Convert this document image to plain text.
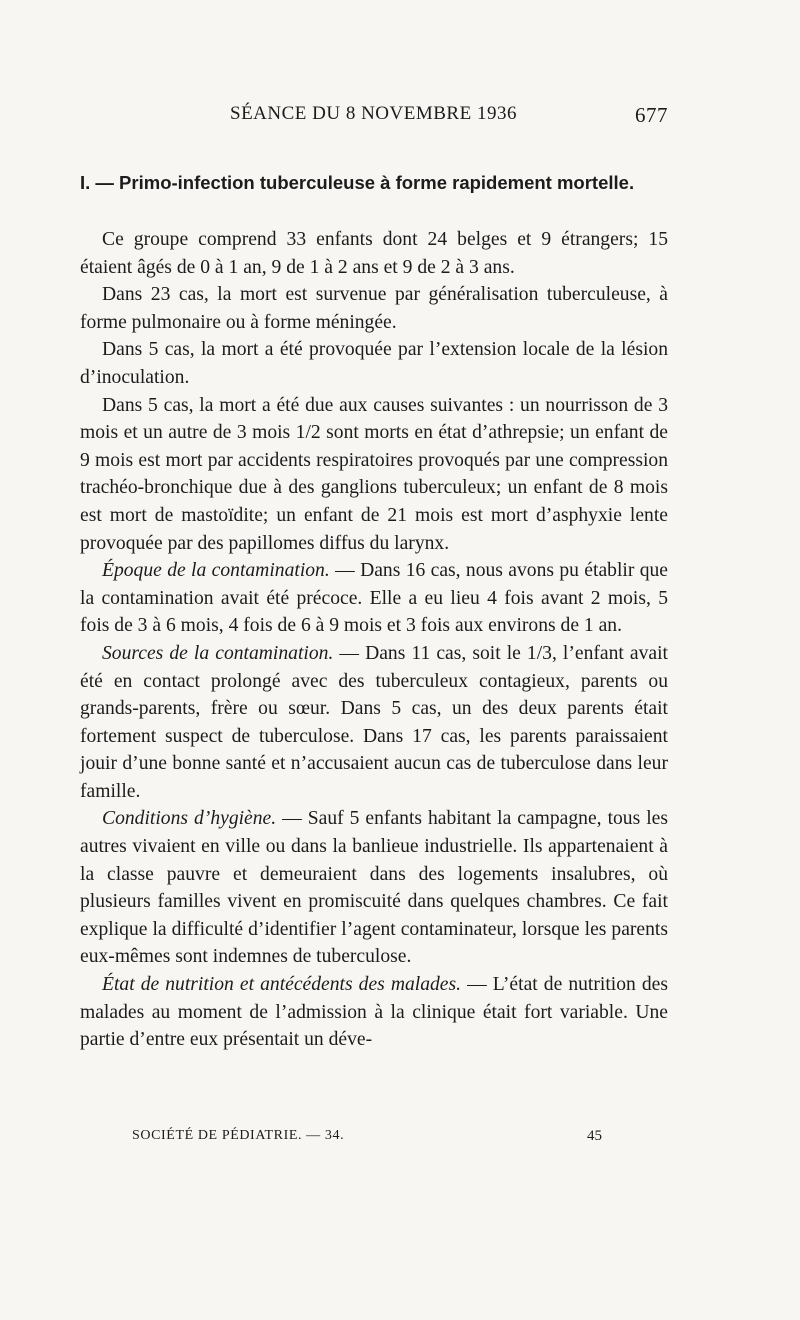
SÉANCE DU 8 NOVEMBRE 1936	677
I. — Primo-infection tuberculeuse à forme rapidement mortelle.

Ce groupe comprend 33 enfants dont 24 belges et 9 étrangers; 15 étaient âgés de 0 à 1 an, 9 de 1 à 2 ans et 9 de 2 à 3 ans.

Dans 23 cas, la mort est survenue par généralisation tuberculeuse, à forme pulmonaire ou à forme méningée.

Dans 5 cas, la mort a été provoquée par l’extension locale de la lésion d’inoculation.

Dans 5 cas, la mort a été due aux causes suivantes : un nourrisson de 3 mois et un autre de 3 mois 1/2 sont morts en état d’athrepsie; un enfant de 9 mois est mort par accidents respiratoires provoqués par une compression trachéo-bronchique due à des ganglions tuberculeux; un enfant de 8 mois est mort de mastoïdite; un enfant de 21 mois est mort d’asphyxie lente provoquée par des papillomes diffus du larynx.

Époque de la contamination. — Dans 16 cas, nous avons pu établir que la contamination avait été précoce. Elle a eu lieu 4 fois avant 2 mois, 5 fois de 3 à 6 mois, 4 fois de 6 à 9 mois et 3 fois aux environs de 1 an.

Sources de la contamination. — Dans 11 cas, soit le 1/3, l’enfant avait été en contact prolongé avec des tuberculeux contagieux, parents ou grands-parents, frère ou sœur. Dans 5 cas, un des deux parents était fortement suspect de tuberculose. Dans 17 cas, les parents paraissaient jouir d’une bonne santé et n’accusaient aucun cas de tuberculose dans leur famille.

Conditions d’hygiène. — Sauf 5 enfants habitant la campagne, tous les autres vivaient en ville ou dans la banlieue industrielle. Ils appartenaient à la classe pauvre et demeuraient dans des logements insalubres, où plusieurs familles vivent en promiscuité dans quelques chambres. Ce fait explique la difficulté d’identifier l’agent contaminateur, lorsque les parents eux-mêmes sont indemnes de tuberculose.

État de nutrition et antécédents des malades. — L’état de nutrition des malades au moment de l’admission à la clinique était fort variable. Une partie d’entre eux présentait un déve-

SOCIÉTÉ DE PÉDIATRIE. — 34.	45
